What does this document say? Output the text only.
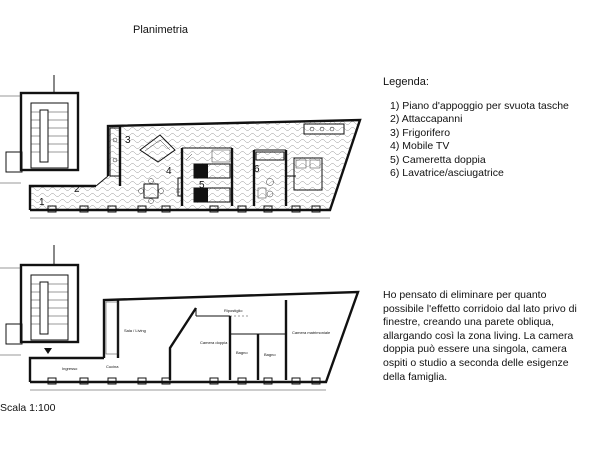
Planimetria
Legenda:
1) Piano d'appoggio per svuota tasche
2) Attaccapanni
3) Frigorifero
4) Mobile TV
5) Cameretta doppia
6) Lavatrice/asciugatrice
Ho pensato di eliminare per quanto possibile l'effetto corridoio dal lato privo di finestre, creando una parete obliqua, allargando così la zona living. La camera doppia può essere una singola, camera ospiti o studio a seconda delle esigenze della famiglia.
Scala 1:100
1
2
3
4
5
6
Sala / Living
Ingresso	Cucina
Camera doppia
Bagno	Bagno
Camera matrimoniale
Ripostiglio
